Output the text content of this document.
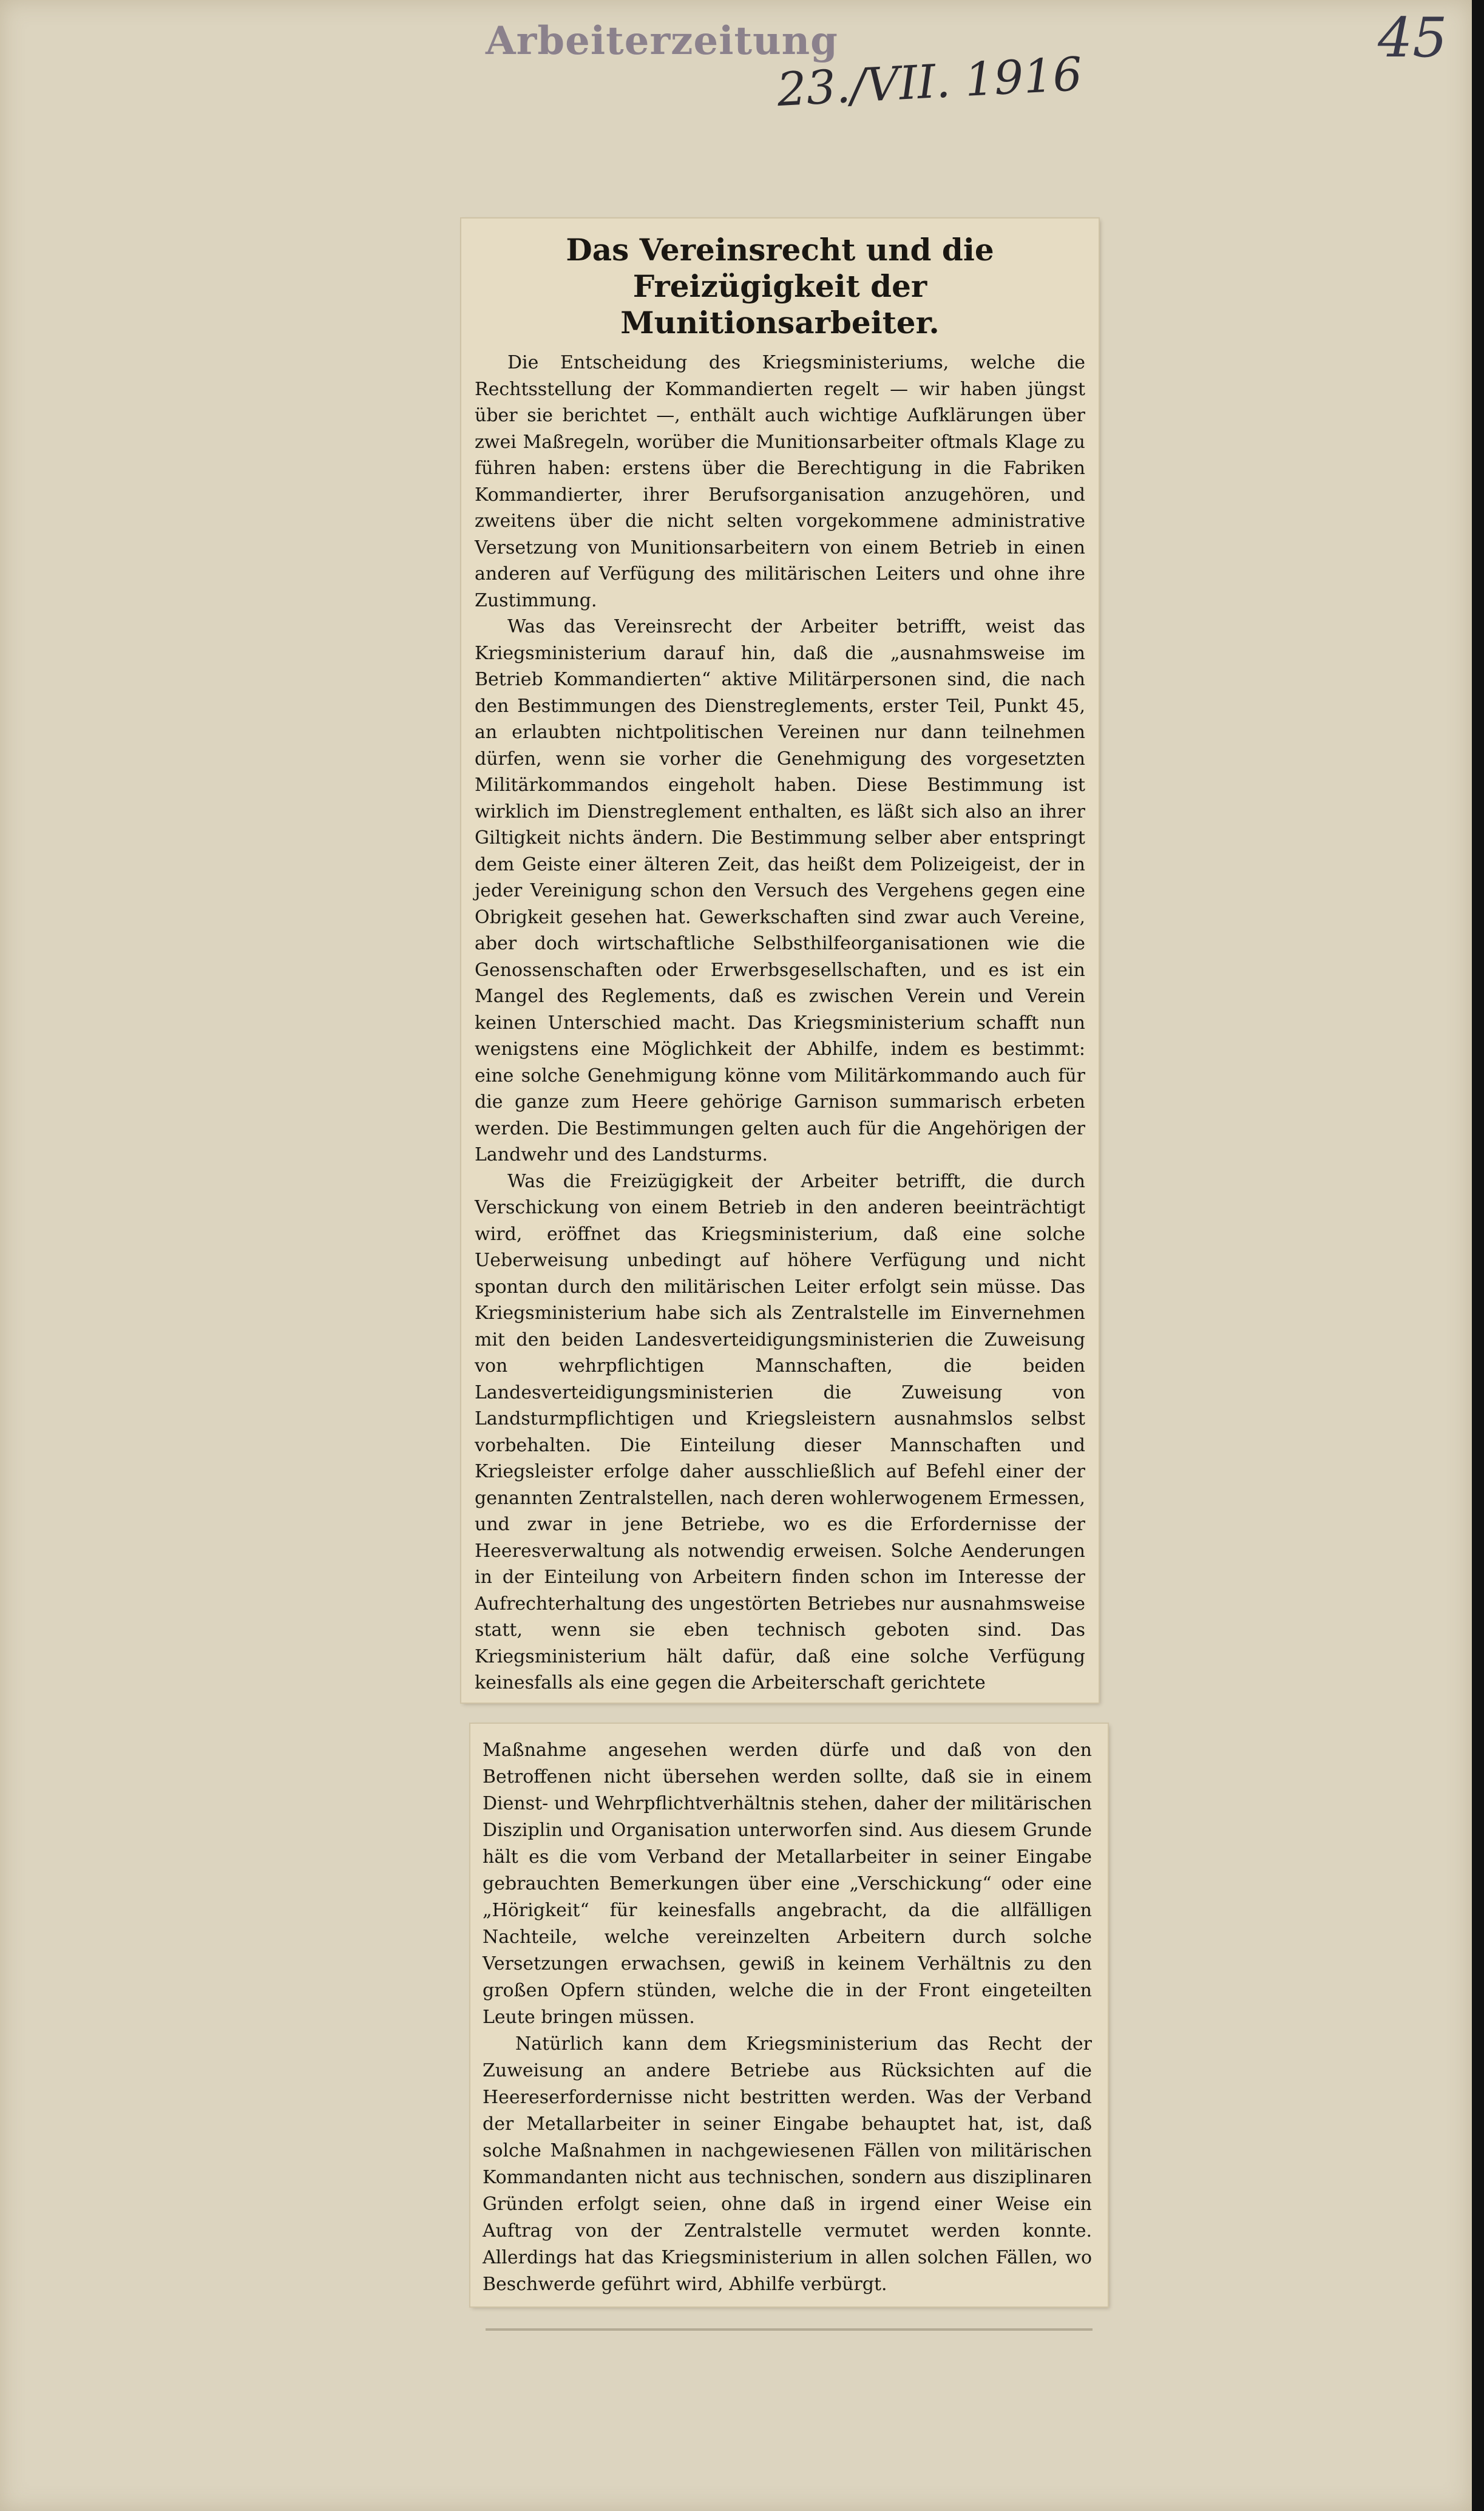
Arbeiterzeitung
23./VII. 1916
45
Das Vereinsrecht und die Freizügigkeit der Munitionsarbeiter.

Die Entscheidung des Kriegsministeriums, welche die Rechtsstellung der Kommandierten regelt — wir haben jüngst über sie berichtet —, enthält auch wichtige Aufklärungen über zwei Maßregeln, worüber die Munitionsarbeiter oftmals Klage zu führen haben: erstens über die Berechtigung in die Fabriken Kommandierter, ihrer Berufsorganisation anzugehören, und zweitens über die nicht selten vorgekommene administrative Versetzung von Munitionsarbeitern von einem Betrieb in einen anderen auf Verfügung des militärischen Leiters und ohne ihre Zustimmung.

Was das Vereinsrecht der Arbeiter betrifft, weist das Kriegsministerium darauf hin, daß die „ausnahmsweise im Betrieb Kommandierten“ aktive Militärpersonen sind, die nach den Bestimmungen des Dienstreglements, erster Teil, Punkt 45, an erlaubten nichtpolitischen Vereinen nur dann teilnehmen dürfen, wenn sie vorher die Genehmigung des vorgesetzten Militärkommandos eingeholt haben. Diese Bestimmung ist wirklich im Dienstreglement enthalten, es läßt sich also an ihrer Giltigkeit nichts ändern. Die Bestimmung selber aber entspringt dem Geiste einer älteren Zeit, das heißt dem Polizeigeist, der in jeder Vereinigung schon den Versuch des Vergehens gegen eine Obrigkeit gesehen hat. Gewerkschaften sind zwar auch Vereine, aber doch wirtschaftliche Selbsthilfeorganisationen wie die Genossenschaften oder Erwerbsgesellschaften, und es ist ein Mangel des Reglements, daß es zwischen Verein und Verein keinen Unterschied macht. Das Kriegsministerium schafft nun wenigstens eine Möglichkeit der Abhilfe, indem es bestimmt: eine solche Genehmigung könne vom Militärkommando auch für die ganze zum Heere gehörige Garnison summarisch erbeten werden. Die Bestimmungen gelten auch für die Angehörigen der Landwehr und des Landsturms.

Was die Freizügigkeit der Arbeiter betrifft, die durch Verschickung von einem Betrieb in den anderen beeinträchtigt wird, eröffnet das Kriegsministerium, daß eine solche Ueberweisung unbedingt auf höhere Verfügung und nicht spontan durch den militärischen Leiter erfolgt sein müsse. Das Kriegsministerium habe sich als Zentralstelle im Einvernehmen mit den beiden Landesverteidigungsministerien die Zuweisung von wehrpflichtigen Mannschaften, die beiden Landesverteidigungsministerien die Zuweisung von Landsturmpflichtigen und Kriegsleistern ausnahmslos selbst vorbehalten. Die Einteilung dieser Mannschaften und Kriegsleister erfolge daher ausschließlich auf Befehl einer der genannten Zentralstellen, nach deren wohlerwogenem Ermessen, und zwar in jene Betriebe, wo es die Erfordernisse der Heeresverwaltung als notwendig erweisen. Solche Aenderungen in der Einteilung von Arbeitern finden schon im Interesse der Aufrechterhaltung des ungestörten Betriebes nur ausnahmsweise statt, wenn sie eben technisch geboten sind. Das Kriegsministerium hält dafür, daß eine solche Verfügung keinesfalls als eine gegen die Arbeiterschaft gerichtete

Maßnahme angesehen werden dürfe und daß von den Betroffenen nicht übersehen werden sollte, daß sie in einem Dienst- und Wehrpflichtverhältnis stehen, daher der militärischen Disziplin und Organisation unterworfen sind. Aus diesem Grunde hält es die vom Verband der Metallarbeiter in seiner Eingabe gebrauchten Bemerkungen über eine „Verschickung“ oder eine „Hörigkeit“ für keinesfalls angebracht, da die allfälligen Nachteile, welche vereinzelten Arbeitern durch solche Versetzungen erwachsen, gewiß in keinem Verhältnis zu den großen Opfern stünden, welche die in der Front eingeteilten Leute bringen müssen.

Natürlich kann dem Kriegsministerium das Recht der Zuweisung an andere Betriebe aus Rücksichten auf die Heereserfordernisse nicht bestritten werden. Was der Verband der Metallarbeiter in seiner Eingabe behauptet hat, ist, daß solche Maßnahmen in nachgewiesenen Fällen von militärischen Kommandanten nicht aus technischen, sondern aus disziplinaren Gründen erfolgt seien, ohne daß in irgend einer Weise ein Auftrag von der Zentralstelle vermutet werden konnte. Allerdings hat das Kriegsministerium in allen solchen Fällen, wo Beschwerde geführt wird, Abhilfe verbürgt.
